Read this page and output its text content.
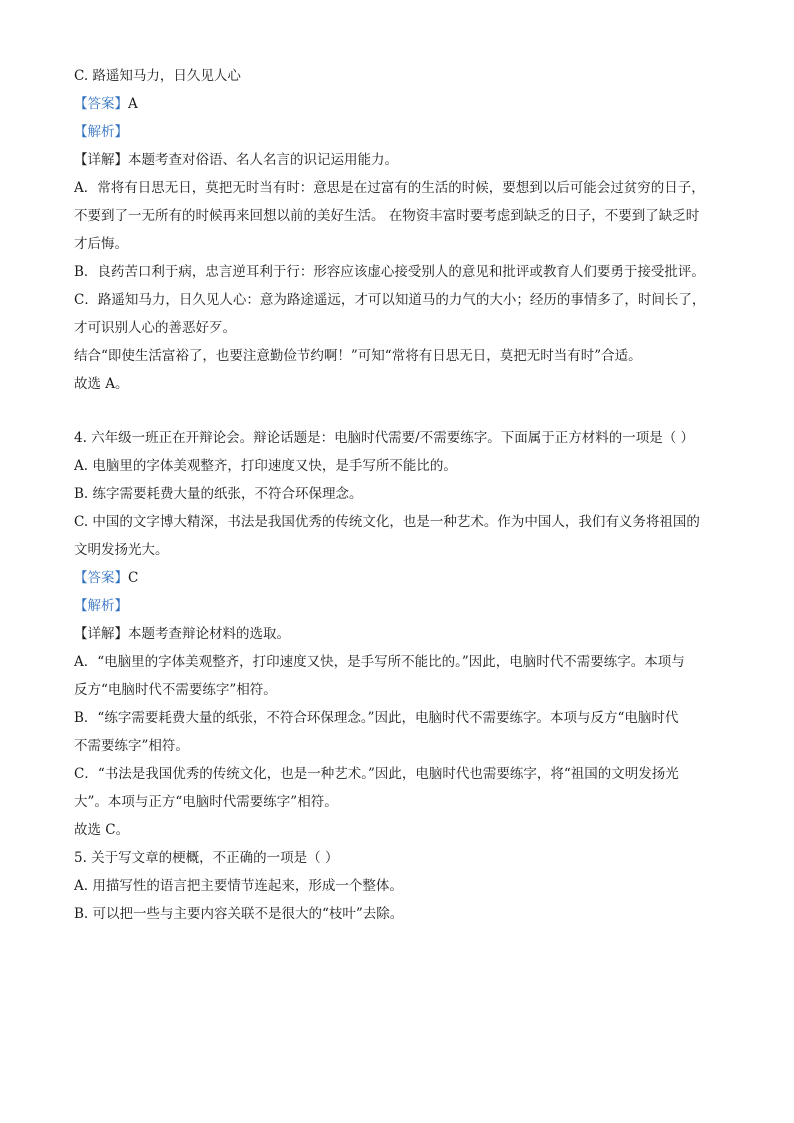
C. 路遥知马力，日久见人心
【答案】A
【解析】
【详解】本题考查对俗语、名人名言的识记运用能力。
A．常将有日思无日，莫把无时当有时：意思是在过富有的生活的时候，要想到以后可能会过贫穷的日子，
不要到了一无所有的时候再来回想以前的美好生活。 在物资丰富时要考虑到缺乏的日子，不要到了缺乏时
才后悔。
B．良药苦口利于病，忠言逆耳利于行：形容应该虚心接受别人的意见和批评或教育人们要勇于接受批评。
C．路遥知马力，日久见人心：意为路途遥远，才可以知道马的力气的大小；经历的事情多了，时间长了，
才可识别人心的善恶好歹。
结合“即使生活富裕了，也要注意勤俭节约啊！”可知“常将有日思无日，莫把无时当有时”合适。
故选 A。
4. 六年级一班正在开辩论会。辩论话题是：电脑时代需要/不需要练字。下面属于正方材料的一项是（ ）
A. 电脑里的字体美观整齐，打印速度又快，是手写所不能比的。
B. 练字需要耗费大量的纸张，不符合环保理念。
C. 中国的文字博大精深，书法是我国优秀的传统文化，也是一种艺术。作为中国人，我们有义务将祖国的
文明发扬光大。
【答案】C
【解析】
【详解】本题考查辩论材料的选取。
A．“电脑里的字体美观整齐，打印速度又快，是手写所不能比的。”因此，电脑时代不需要练字。本项与
反方“电脑时代不需要练字”相符。
B．“练字需要耗费大量的纸张，不符合环保理念。”因此，电脑时代不需要练字。本项与反方“电脑时代
不需要练字”相符。
C．“书法是我国优秀的传统文化，也是一种艺术。”因此，电脑时代也需要练字，将“祖国的文明发扬光
大”。本项与正方“电脑时代需要练字”相符。
故选 C。
5. 关于写文章的梗概，不正确的一项是（ ）
A. 用描写性的语言把主要情节连起来，形成一个整体。
B. 可以把一些与主要内容关联不是很大的“枝叶”去除。
